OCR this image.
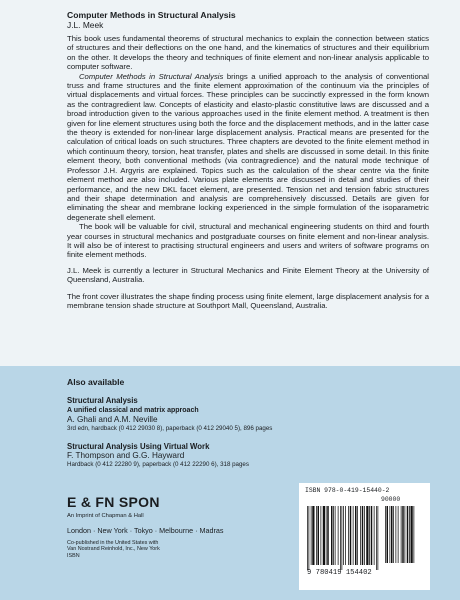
Computer Methods in Structural Analysis
J.L. Meek

This book uses fundamental theorems of structural mechanics to explain the connection between statics of structures and their deflections on the one hand, and the kinematics of structures and their equilibrium on the other. It develops the theory and techniques of finite element and non-linear analysis applicable to computer software.

Computer Methods in Structural Analysis brings a unified approach to the analysis of conventional truss and frame structures and the finite element approximation of the continuum via the principles of virtual displacements and virtual forces. These principles can be succinctly expressed in the form known as the contragredient law. Concepts of elasticity and elasto-plastic constitutive laws are discussed and a broad introduction given to the various approaches used in the finite element method. A treatment is then given for line element structures using both the force and the displacement methods, and in the latter case the theory is extended for non-linear large displacement analysis. Practical means are presented for the calculation of critical loads on such structures. Three chapters are devoted to the finite element method in which continuum theory, torsion, heat transfer, plates and shells are discussed in some detail. In this finite element theory, both conventional methods (via contragredience) and the natural mode technique of Professor J.H. Argyris are explained. Topics such as the calculation of the shear centre via the finite element method are also included. Various plate elements are discussed in detail and studies of their performance, and the new DKL facet element, are presented. Tension net and tension fabric structures and their shape determination and analysis are comprehensively discussed. Details are given for eliminating the shear and membrane locking experienced in the simple formulation of the isoparametric degenerate shell element.

The book will be valuable for civil, structural and mechanical engineering students on third and fourth year courses in structural mechanics and postgraduate courses on finite element and non-linear analysis. It will also be of interest to practising structural engineers and users and writers of software programs on finite element methods.

J.L. Meek is currently a lecturer in Structural Mechanics and Finite Element Theory at the University of Queensland, Australia.

The front cover illustrates the shape finding process using finite element, large displacement analysis for a membrane tension shade structure at Southport Mall, Queensland, Australia.

Also available
Structural Analysis
A unified classical and matrix approach
A. Ghali and A.M. Neville
3rd edn, hardback (0 412 29030 8), paperback (0 412 29040 5), 896 pages
Structural Analysis Using Virtual Work
F. Thompson and G.G. Hayward
Hardback (0 412 22280 9), paperback (0 412 22290 6), 318 pages
E & FN SPON
An Imprint of Chapman & Hall
London · New York · Tokyo · Melbourne · Madras
Co-published in the United States with
Van Nostrand Reinhold, Inc., New York
ISBN
ISBN 978-0-419-15440-2
90000
9 780419 154402
